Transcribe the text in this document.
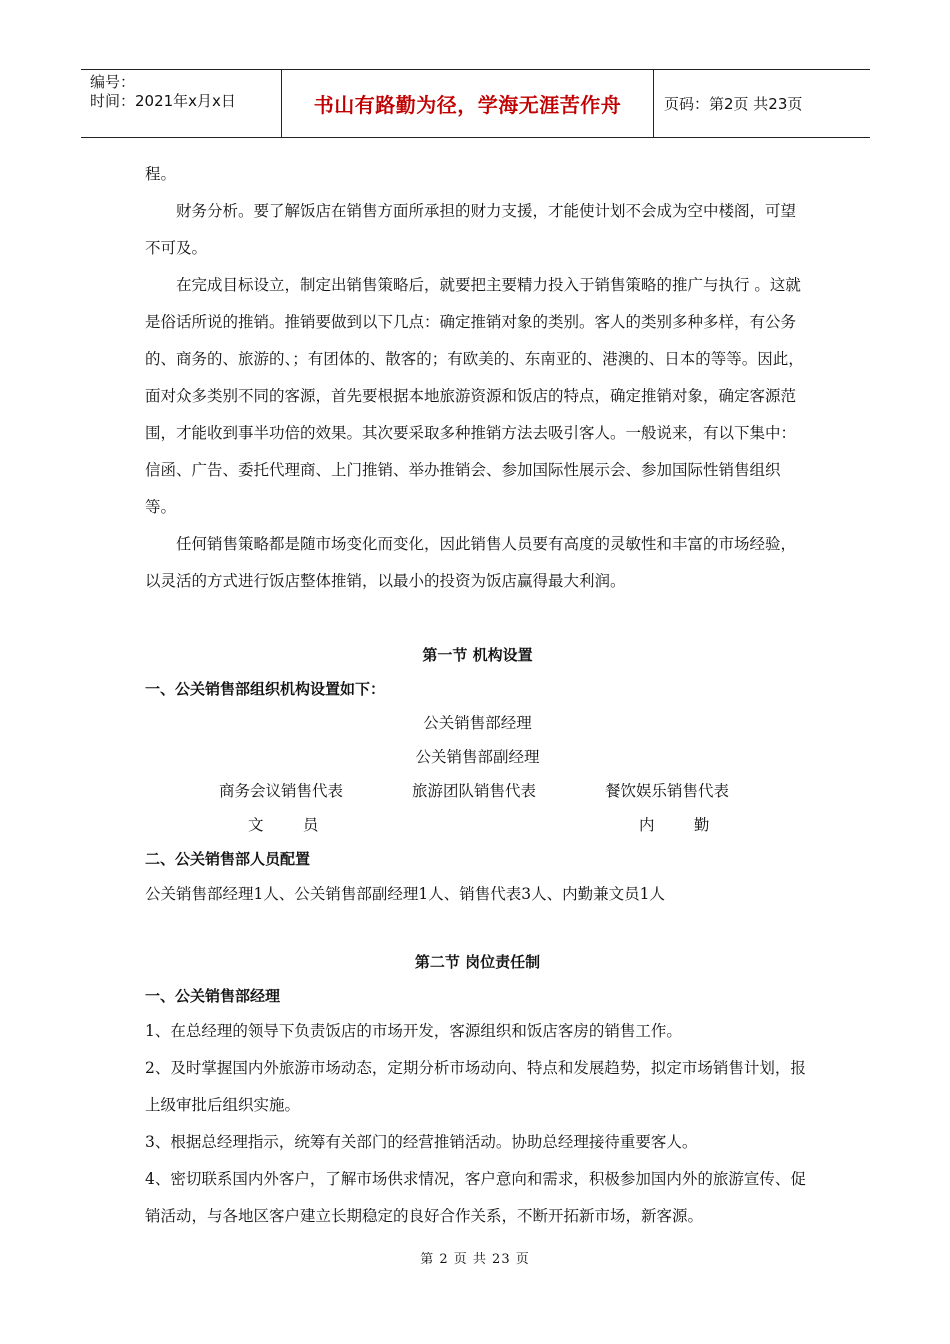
编号：
时间：2021年x月x日	书山有路勤为径，学海无涯苦作舟	页码：第2页 共23页

程。

财务分析。要了解饭店在销售方面所承担的财力支援，才能使计划不会成为空中楼阁，可望不可及。

在完成目标设立，制定出销售策略后，就要把主要精力投入于销售策略的推广与执行 。这就是俗话所说的推销。推销要做到以下几点：确定推销对象的类别。客人的类别多种多样，有公务的、商务的、旅游的、；有团体的、散客的；有欧美的、东南亚的、港澳的、日本的等等。因此，面对众多类别不同的客源，首先要根据本地旅游资源和饭店的特点，确定推销对象，确定客源范围，才能收到事半功倍的效果。其次要采取多种推销方法去吸引客人。一般说来，有以下集中：信函、广告、委托代理商、上门推销、举办推销会、参加国际性展示会、参加国际性销售组织等。

任何销售策略都是随市场变化而变化，因此销售人员要有高度的灵敏性和丰富的市场经验，以灵活的方式进行饭店整体推销，以最小的投资为饭店赢得最大利润。

第一节 机构设置

一、公关销售部组织机构设置如下：

公关销售部经理
公关销售部副经理
商务会议销售代表	旅游团队销售代表	餐饮娱乐销售代表
文        员	内        勤

二、公关销售部人员配置

公关销售部经理1人、公关销售部副经理1人、销售代表3人、内勤兼文员1人

第二节 岗位责任制

一、公关销售部经理

1、在总经理的领导下负责饭店的市场开发，客源组织和饭店客房的销售工作。

2、及时掌握国内外旅游市场动态，定期分析市场动向、特点和发展趋势，拟定市场销售计划，报上级审批后组织实施。

3、根据总经理指示，统筹有关部门的经营推销活动。协助总经理接待重要客人。

4、密切联系国内外客户，了解市场供求情况，客户意向和需求，积极参加国内外的旅游宣传、促销活动，与各地区客户建立长期稳定的良好合作关系，不断开拓新市场，新客源。

第 2 页 共 23 页
